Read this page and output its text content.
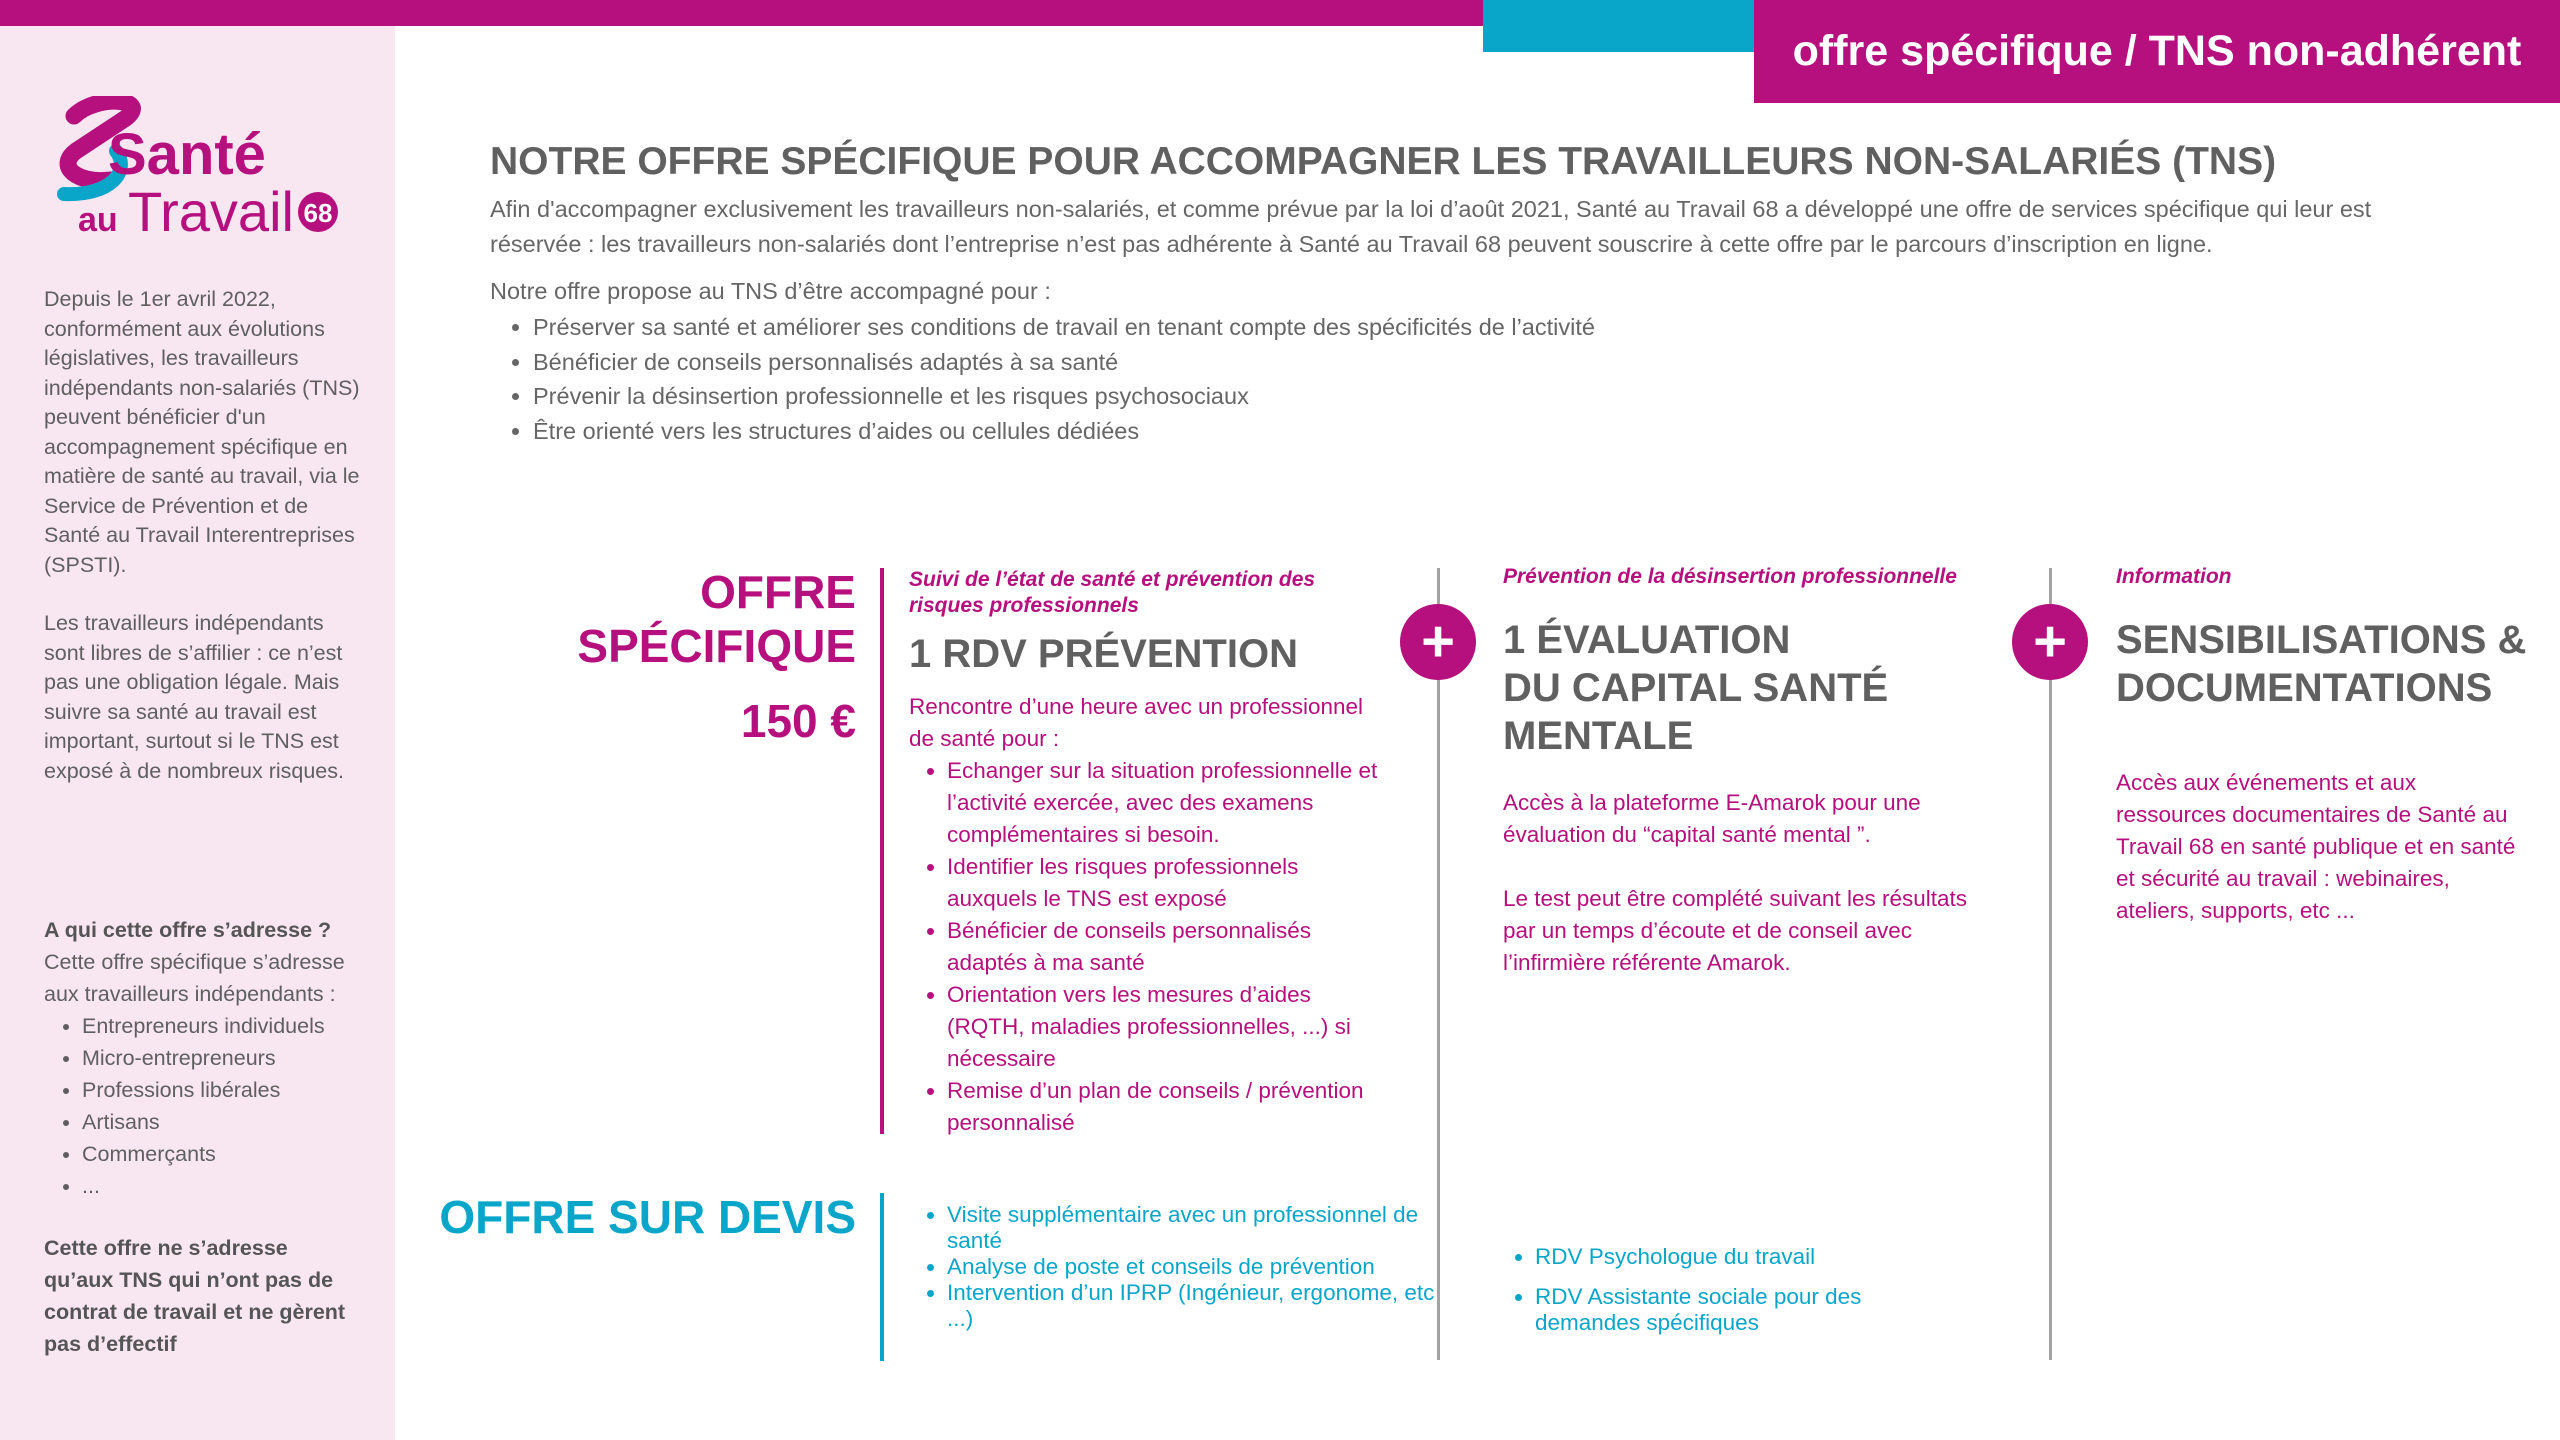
offre spécifique / TNS non-adhérent
Santé
au Travail 68

Depuis le 1er avril 2022, conformément aux évolutions législatives, les travailleurs indépendants non-salariés (TNS) peuvent bénéficier d'un accompagnement spécifique en matière de santé au travail, via le Service de Prévention et de Santé au Travail Interentreprises (SPSTI).

Les travailleurs indépendants sont libres de s’affilier : ce n’est pas une obligation légale. Mais suivre sa santé au travail est important, surtout si le TNS est exposé à de nombreux risques.

A qui cette offre s’adresse ?

Cette offre spécifique s’adresse aux travailleurs indépendants :

• Entrepreneurs individuels
• Micro-entrepreneurs
• Professions libérales
• Artisans
• Commerçants
• ...

Cette offre ne s’adresse qu’aux TNS qui n’ont pas de contrat de travail et ne gèrent pas d’effectif

NOTRE OFFRE SPÉCIFIQUE POUR ACCOMPAGNER LES TRAVAILLEURS NON-SALARIÉS (TNS)
Afin d'accompagner exclusivement les travailleurs non-salariés, et comme prévue par la loi d’août 2021, Santé au Travail 68 a développé une offre de services spécifique qui leur est réservée : les travailleurs non-salariés dont l’entreprise n’est pas adhérente à Santé au Travail 68 peuvent souscrire à cette offre par le parcours d’inscription en ligne.
Notre offre propose au TNS d’être accompagné pour :
• Préserver sa santé et améliorer ses conditions de travail en tenant compte des spécificités de l’activité
• Bénéficier de conseils personnalisés adaptés à sa santé
• Prévenir la désinsertion professionnelle et les risques psychosociaux
• Être orienté vers les structures d’aides ou cellules dédiées
OFFRE
SPÉCIFIQUE
150 €
OFFRE SUR DEVIS
+	+
Suivi de l’état de santé et prévention des risques professionnels
1 RDV PRÉVENTION

Rencontre d’une heure avec un professionnel de santé pour :

• Echanger sur la situation professionnelle et l’activité exercée, avec des examens complémentaires si besoin.
• Identifier les risques professionnels auxquels le TNS est exposé
• Bénéficier de conseils personnalisés adaptés à ma santé
• Orientation vers les mesures d’aides (RQTH, maladies professionnelles, ...) si nécessaire
• Remise d’un plan de conseils / prévention personnalisé
• Visite supplémentaire avec un professionnel de santé
• Analyse de poste et conseils de prévention
• Intervention d’un IPRP (Ingénieur, ergonome, etc ...)
Prévention de la désinsertion professionnelle
1 ÉVALUATION
DU CAPITAL SANTÉ
MENTALE

Accès à la plateforme E-Amarok pour une évaluation du “capital santé mental ”.

Le test peut être complété suivant les résultats par un temps d’écoute et de conseil avec l’infirmière référente Amarok.

• RDV Psychologue du travail
• RDV Assistante sociale pour des demandes spécifiques
Information
SENSIBILISATIONS &
DOCUMENTATIONS
Accès aux événements et aux ressources documentaires de Santé au Travail 68 en santé publique et en santé et sécurité au travail : webinaires, ateliers, supports, etc ...
